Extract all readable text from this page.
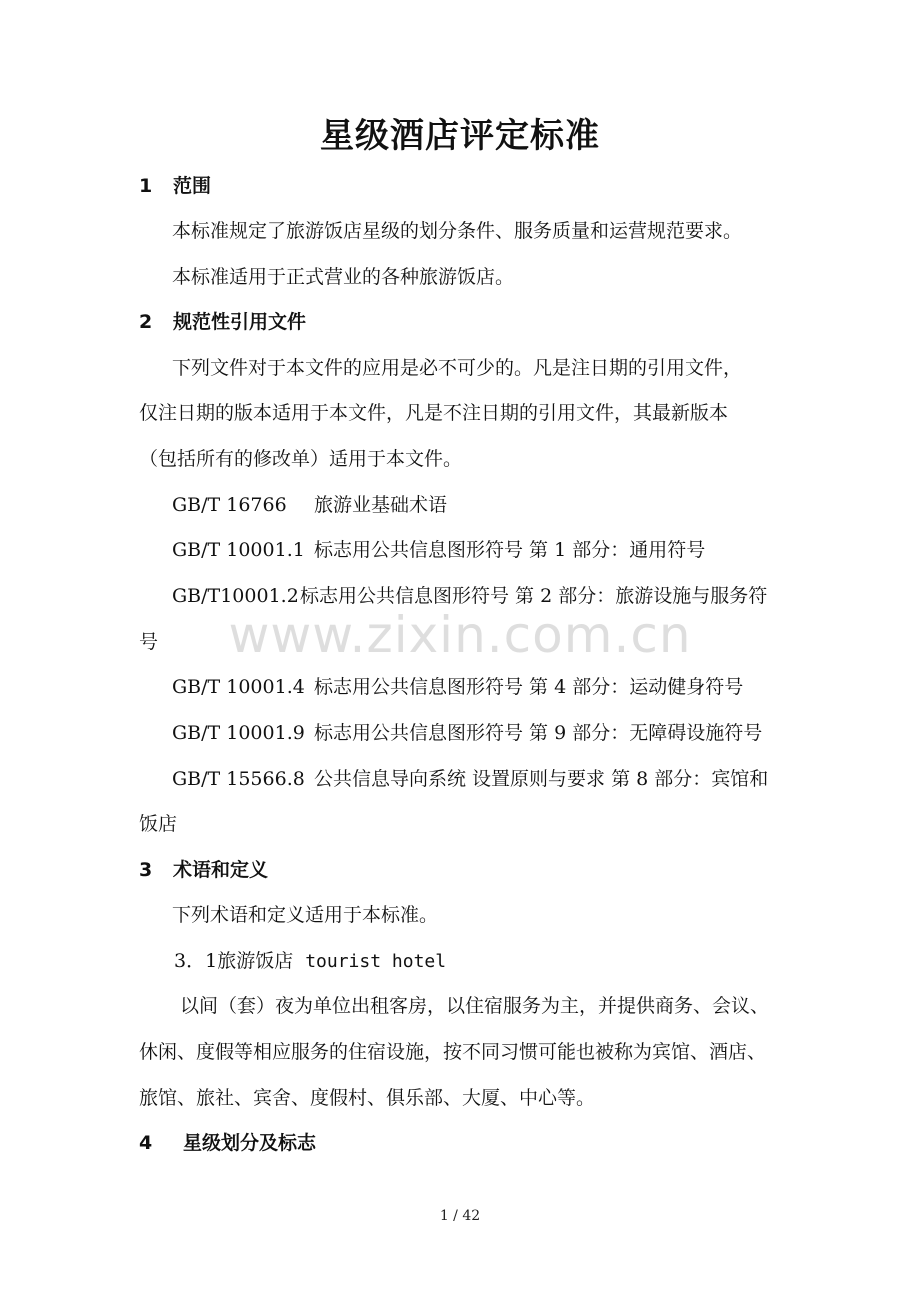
星级酒店评定标准
1 范围
本标准规定了旅游饭店星级的划分条件、服务质量和运营规范要求。
本标准适用于正式营业的各种旅游饭店。
2 规范性引用文件
下列文件对于本文件的应用是必不可少的。凡是注日期的引用文件，
仅注日期的版本适用于本文件，凡是不注日期的引用文件，其最新版本
（包括所有的修改单）适用于本文件。
GB/T 16766 旅游业基础术语
GB/T 10001.1 标志用公共信息图形符号 第 1 部分：通用符号
GB/T10001.2标志用公共信息图形符号 第 2 部分：旅游设施与服务符
号
GB/T 10001.4 标志用公共信息图形符号 第 4 部分：运动健身符号
GB/T 10001.9 标志用公共信息图形符号 第 9 部分：无障碍设施符号
GB/T 15566.8 公共信息导向系统 设置原则与要求 第 8 部分：宾馆和
饭店
3 术语和定义
下列术语和定义适用于本标准。
3．1旅游饭店 tourist hotel
以间（套）夜为单位出租客房，以住宿服务为主，并提供商务、会议、
休闲、度假等相应服务的住宿设施，按不同习惯可能也被称为宾馆、酒店、
旅馆、旅社、宾舍、度假村、俱乐部、大厦、中心等。
4 星级划分及标志
www.zixin.com.cn
1 / 42
